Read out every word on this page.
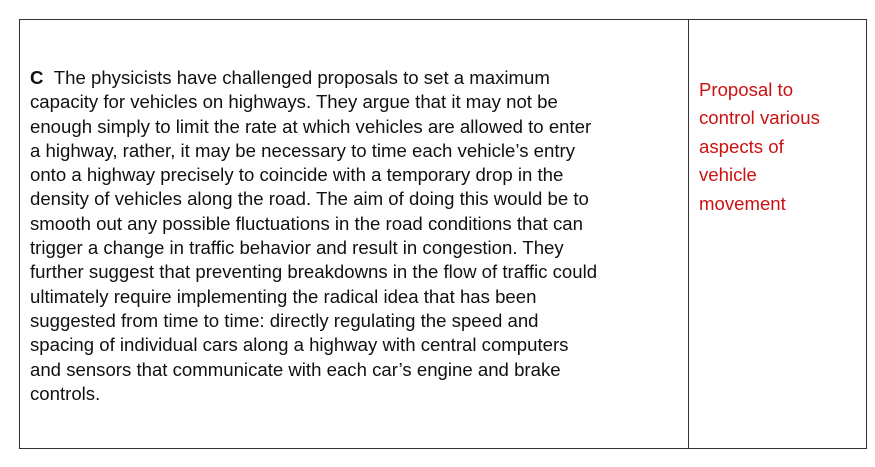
C The physicists have challenged proposals to set a maximum
capacity for vehicles on highways. They argue that it may not be
enough simply to limit the rate at which vehicles are allowed to enter
a highway, rather, it may be necessary to time each vehicle’s entry
onto a highway precisely to coincide with a temporary drop in the
density of vehicles along the road. The aim of doing this would be to
smooth out any possible fluctuations in the road conditions that can
trigger a change in traffic behavior and result in congestion. They
further suggest that preventing breakdowns in the flow of traffic could
ultimately require implementing the radical idea that has been
suggested from time to time: directly regulating the speed and
spacing of individual cars along a highway with central computers
and sensors that communicate with each car’s engine and brake
controls.

Proposal to
control various
aspects of
vehicle
movement
